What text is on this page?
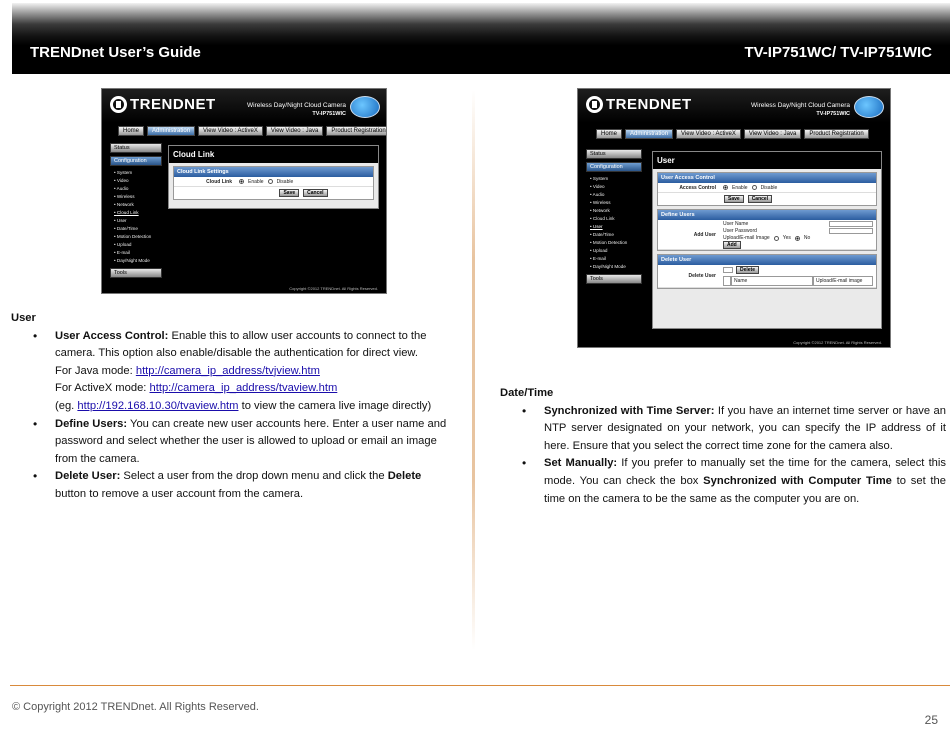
TRENDnet User’s Guide	TV-IP751WC/ TV-IP751WIC
TRENDNET	Wireless Day/Night Cloud Camera
TV-IP751WIC
Home	Administration	View Video : ActiveX	View Video : Java	Product Registration
Status
Configuration
• System
• Video
• Audio
• Wireless
• Network
• Cloud Link
• User
• Date/Time
• Motion Detection
• Upload
• E-mail
• Day/Night Mode
Tools
Cloud Link
Cloud Link Settings
Cloud Link	Enable	Disable
Save	Cancel
Copyright ©2012 TRENDnet. All Rights Reserved.
TRENDNET	Wireless Day/Night Cloud Camera
TV-IP751WIC
Home	Administration	View Video : ActiveX	View Video : Java	Product Registration
Status
Configuration
• System
• Video
• Audio
• Wireless
• Network
• Cloud Link
• User
• Date/Time
• Motion Detection
• Upload
• E-mail
• Day/Night Mode
Tools
User
User Access Control
Access Control	Enable	Disable
Save	Cancel
Define Users
Add User
User Name
User Password
Upload/E-mail Image	Yes	No
Add
Delete User
Delete User
Delete
Name	Upload/E-mail image
Copyright ©2012 TRENDnet. All Rights Reserved.
User
• User Access Control: Enable this to allow user accounts to connect to the camera. This option also enable/disable the authentication for direct view.
For Java mode: http://camera_ip_address/tvjview.htm
For ActiveX mode: http://camera_ip_address/tvaview.htm
(eg. http://192.168.10.30/tvaview.htm to view the camera live image directly)
• Define Users: You can create new user accounts here. Enter a user name and password and select whether the user is allowed to upload or email an image from the camera.
• Delete User: Select a user from the drop down menu and click the Delete button to remove a user account from the camera.
Date/Time
• Synchronized with Time Server: If you have an internet time server or have an NTP server designated on your network, you can specify the IP address of it here. Ensure that you select the correct time zone for the camera also.
• Set Manually: If you prefer to manually set the time for the camera, select this mode. You can check the box Synchronized with Computer Time to set the time on the camera to be the same as the computer you are on.
© Copyright 2012 TRENDnet. All Rights Reserved.
25
